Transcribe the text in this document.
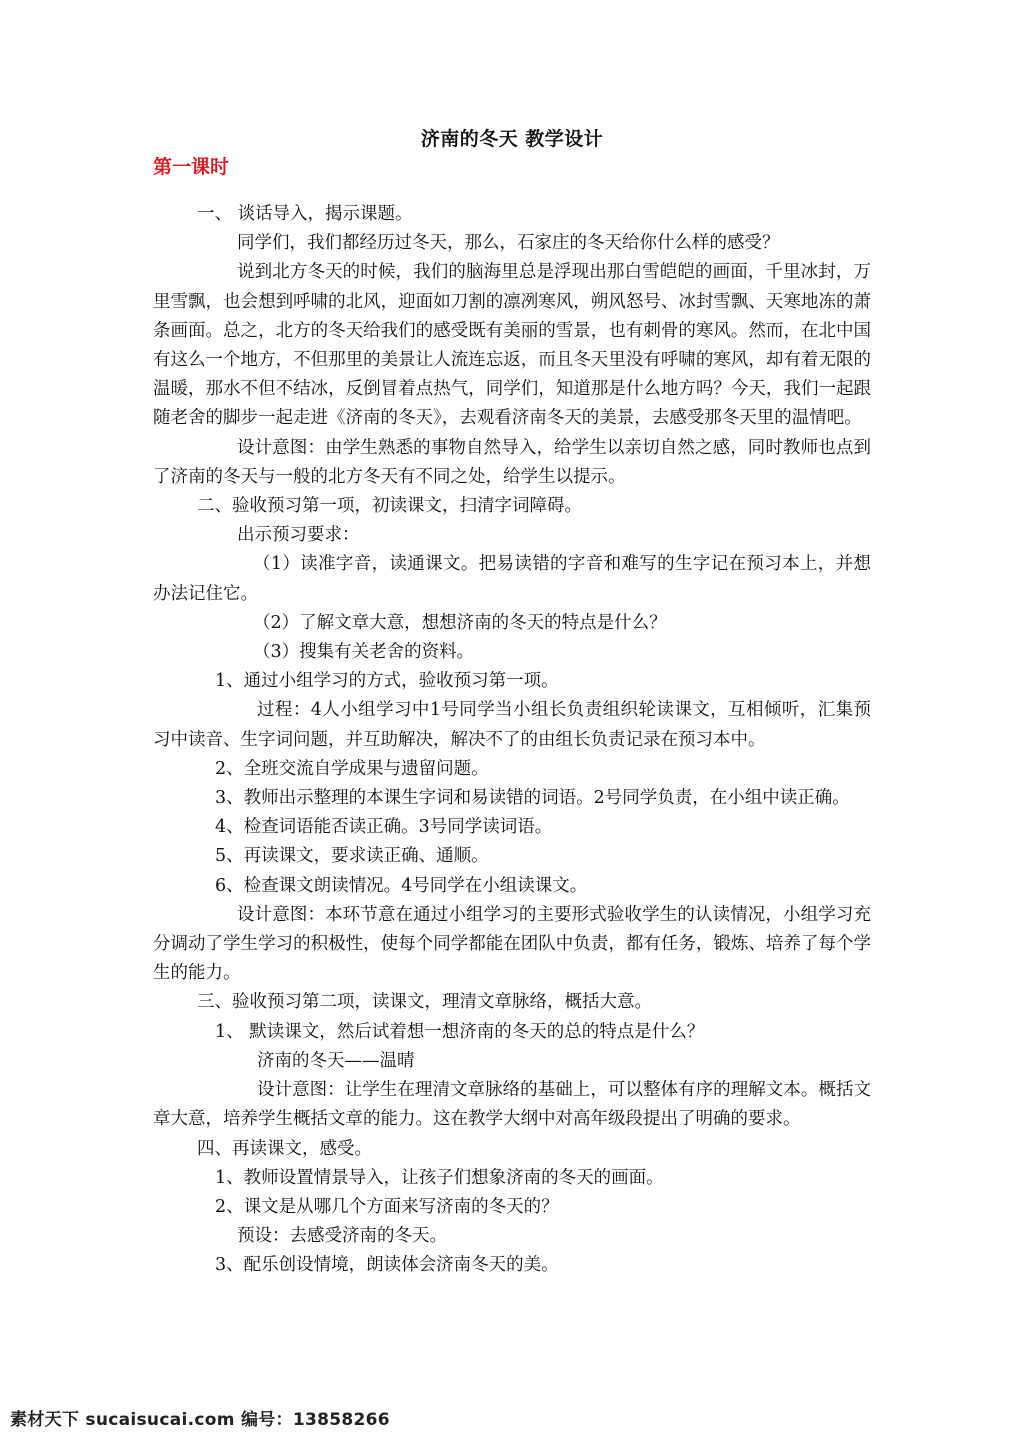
济南的冬天 教学设计
第一课时

一、 谈话导入，揭示课题。

同学们，我们都经历过冬天，那么，石家庄的冬天给你什么样的感受？

说到北方冬天的时候，我们的脑海里总是浮现出那白雪皑皑的画面，千里冰封，万里雪飘，也会想到呼啸的北风，迎面如刀割的凛冽寒风，朔风怒号、冰封雪飘、天寒地冻的萧条画面。总之，北方的冬天给我们的感受既有美丽的雪景，也有刺骨的寒风。然而，在北中国有这么一个地方，不但那里的美景让人流连忘返，而且冬天里没有呼啸的寒风，却有着无限的温暖，那水不但不结冰，反倒冒着点热气，同学们，知道那是什么地方吗？今天，我们一起跟随老舍的脚步一起走进《济南的冬天》，去观看济南冬天的美景，去感受那冬天里的温情吧。

设计意图：由学生熟悉的事物自然导入，给学生以亲切自然之感，同时教师也点到了济南的冬天与一般的北方冬天有不同之处，给学生以提示。

二、验收预习第一项，初读课文，扫清字词障碍。

出示预习要求：

（1）读准字音，读通课文。把易读错的字音和难写的生字记在预习本上，并想办法记住它。

（2）了解文章大意，想想济南的冬天的特点是什么？

（3）搜集有关老舍的资料。

1、通过小组学习的方式，验收预习第一项。

过程：4人小组学习中1号同学当小组长负责组织轮读课文，互相倾听，汇集预习中读音、生字词问题，并互助解决，解决不了的由组长负责记录在预习本中。

2、全班交流自学成果与遗留问题。

3、教师出示整理的本课生字词和易读错的词语。2号同学负责，在小组中读正确。

4、检查词语能否读正确。3号同学读词语。

5、再读课文，要求读正确、通顺。

6、检查课文朗读情况。4号同学在小组读课文。

设计意图：本环节意在通过小组学习的主要形式验收学生的认读情况，小组学习充分调动了学生学习的积极性，使每个同学都能在团队中负责，都有任务，锻炼、培养了每个学生的能力。

三、验收预习第二项，读课文，理清文章脉络，概括大意。

1、 默读课文，然后试着想一想济南的冬天的总的特点是什么？

济南的冬天——温晴

设计意图：让学生在理清文章脉络的基础上，可以整体有序的理解文本。概括文章大意，培养学生概括文章的能力。这在教学大纲中对高年级段提出了明确的要求。

四、再读课文，感受。

1、教师设置情景导入，让孩子们想象济南的冬天的画面。

2、课文是从哪几个方面来写济南的冬天的？

预设：去感受济南的冬天。

3、配乐创设情境，朗读体会济南冬天的美。

素材天下 sucaisucai.com 编号：13858266
